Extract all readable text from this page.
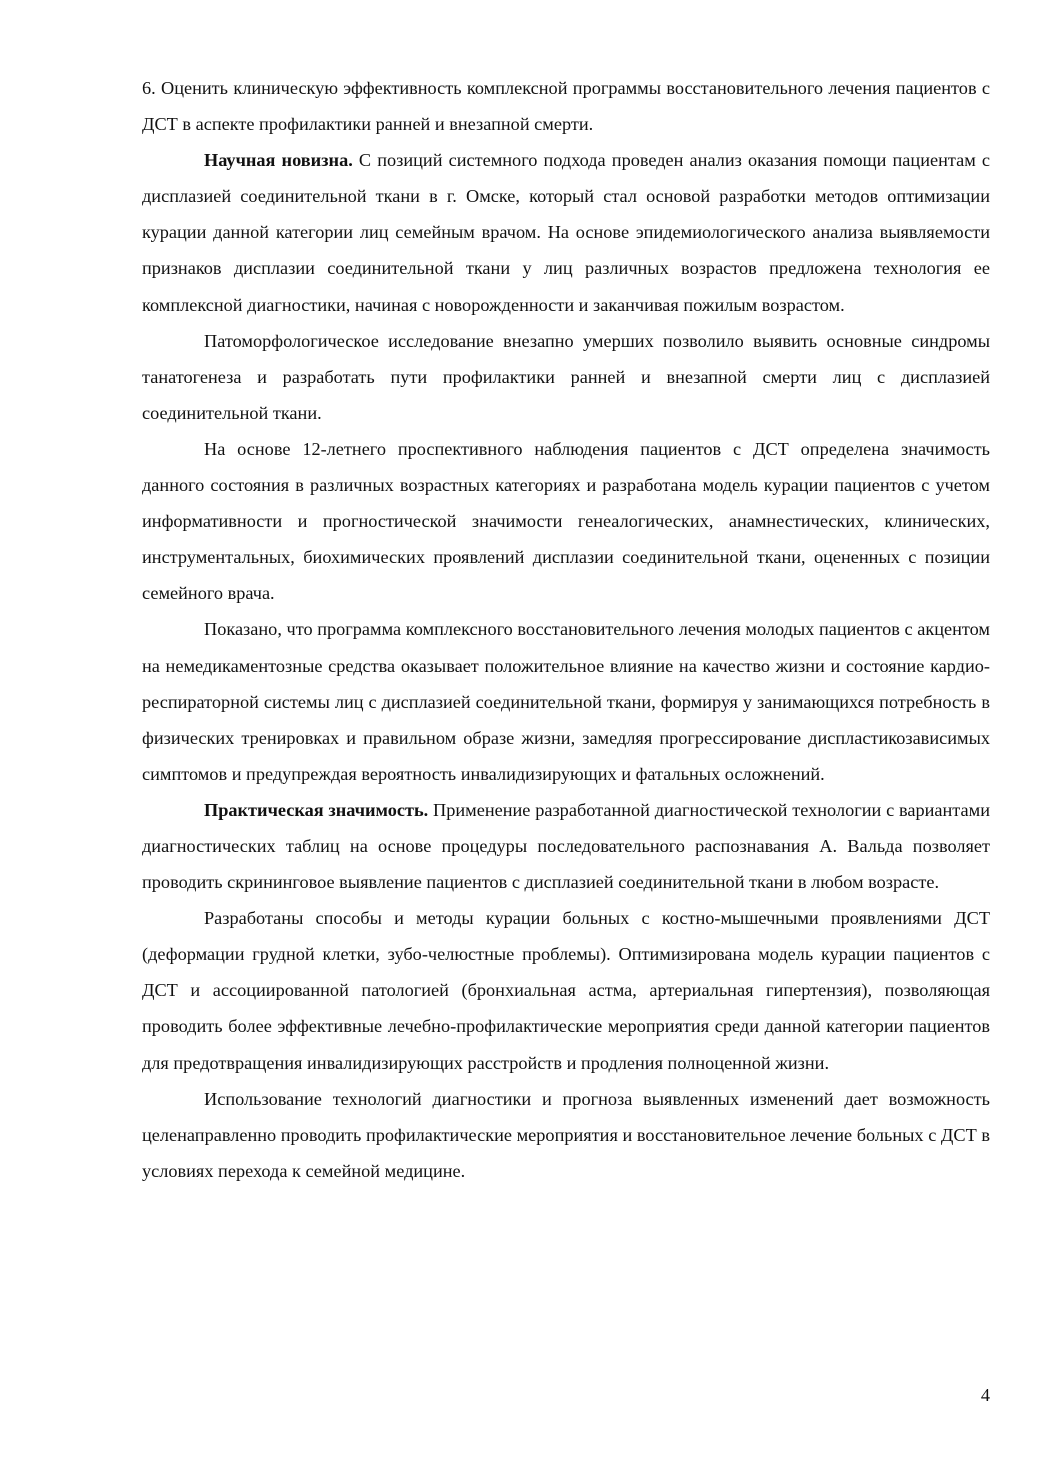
6. Оценить клиническую эффективность комплексной программы восстановительного лечения пациентов с ДСТ в аспекте профилактики ранней и внезапной смерти.

Научная новизна. С позиций системного подхода проведен анализ оказания помощи пациентам с дисплазией соединительной ткани в г. Омске, который стал основой разработки методов оптимизации курации данной категории лиц семейным врачом. На основе эпидемиологического анализа выявляемости признаков дисплазии соединительной ткани у лиц различных возрастов предложена технология ее комплексной диагностики, начиная с новорожденности и заканчивая пожилым возрастом.

Патоморфологическое исследование внезапно умерших позволило выявить основные синдромы танатогенеза и разработать пути профилактики ранней и внезапной смерти лиц с дисплазией соединительной ткани.

На основе 12-летнего проспективного наблюдения пациентов с ДСТ определена значимость данного состояния в различных возрастных категориях и разработана модель курации пациентов с учетом информативности и прогностической значимости генеалогических, анамнестических, клинических, инструментальных, биохимических проявлений дисплазии соединительной ткани, оцененных с позиции семейного врача.

Показано, что программа комплексного восстановительного лечения молодых пациентов с акцентом на немедикаментозные средства оказывает положительное влияние на качество жизни и состояние кардио-респираторной системы лиц с дисплазией соединительной ткани, формируя у занимающихся потребность в физических тренировках и правильном образе жизни, замедляя прогрессирование диспластикозависимых симптомов и предупреждая вероятность инвалидизирующих и фатальных осложнений.

Практическая значимость. Применение разработанной диагностической технологии с вариантами диагностических таблиц на основе процедуры последовательного распознавания А. Вальда позволяет проводить скрининговое выявление пациентов с дисплазией соединительной ткани в любом возрасте.

Разработаны способы и методы курации больных с костно-мышечными проявлениями ДСТ (деформации грудной клетки, зубо-челюстные проблемы). Оптимизирована модель курации пациентов с ДСТ и ассоциированной патологией (бронхиальная астма, артериальная гипертензия), позволяющая проводить более эффективные лечебно-профилактические мероприятия среди данной категории пациентов для предотвращения инвалидизирующих расстройств и продления полноценной жизни.

Использование технологий диагностики и прогноза выявленных изменений дает возможность целенаправленно проводить профилактические мероприятия и восстановительное лечение больных с ДСТ в условиях перехода к семейной медицине.

4
